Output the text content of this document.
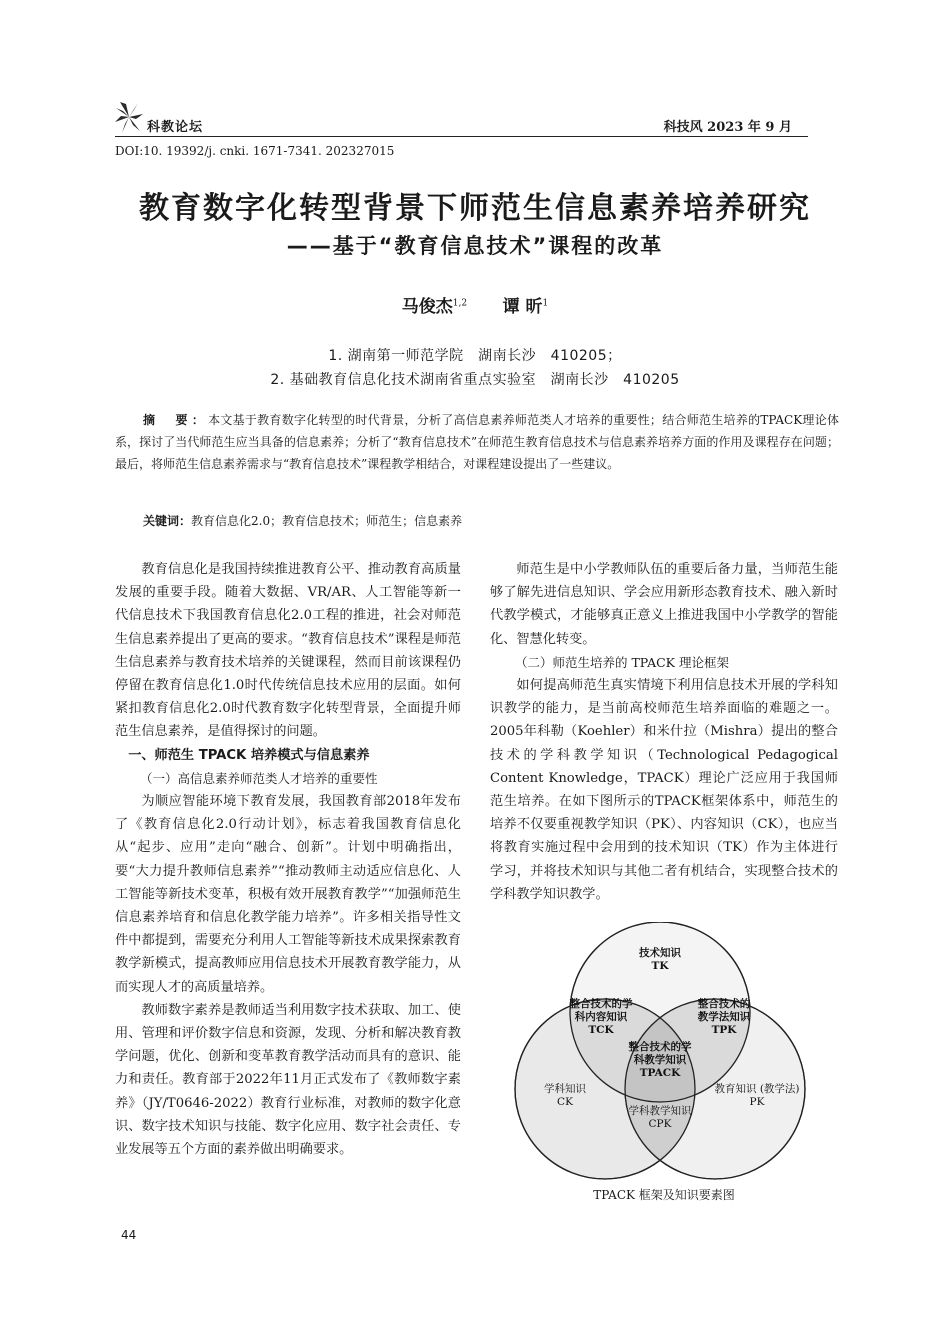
科教论坛	科技风 2023 年 9 月
DOI:10. 19392/j. cnki. 1671-7341. 202327015
教育数字化转型背景下师范生信息素养培养研究
——基于“教育信息技术”课程的改革
马俊杰$^{1,2}$ 谭 昕$^1$
1. 湖南第一师范学院　湖南长沙　410205；
2. 基础教育信息化技术湖南省重点实验室　湖南长沙　410205
摘　要：本文基于教育数字化转型的时代背景，分析了高信息素养师范类人才培养的重要性；结合师范生培养的TPACK理论体系，探讨了当代师范生应当具备的信息素养；分析了“教育信息技术”在师范生教育信息技术与信息素养培养方面的作用及课程存在问题；最后，将师范生信息素养需求与“教育信息技术”课程教学相结合，对课程建设提出了一些建议。
关键词：教育信息化2.0；教育信息技术；师范生；信息素养

教育信息化是我国持续推进教育公平、推动教育高质量发展的重要手段。随着大数据、VR/AR、人工智能等新一代信息技术下我国教育信息化2.0工程的推进，社会对师范生信息素养提出了更高的要求。“教育信息技术”课程是师范生信息素养与教育技术培养的关键课程，然而目前该课程仍停留在教育信息化1.0时代传统信息技术应用的层面。如何紧扣教育信息化2.0时代教育数字化转型背景，全面提升师范生信息素养，是值得探讨的问题。

一、师范生 TPACK 培养模式与信息素养
（一）高信息素养师范类人才培养的重要性

为顺应智能环境下教育发展，我国教育部2018年发布了《教育信息化2.0行动计划》，标志着我国教育信息化从“起步、应用”走向“融合、创新”。计划中明确指出，要“大力提升教师信息素养”“推动教师主动适应信息化、人工智能等新技术变革，积极有效开展教育教学”“加强师范生信息素养培育和信息化教学能力培养”。许多相关指导性文件中都提到，需要充分利用人工智能等新技术成果探索教育教学新模式，提高教师应用信息技术开展教育教学能力，从而实现人才的高质量培养。

教师数字素养是教师适当利用数字技术获取、加工、使用、管理和评价数字信息和资源，发现、分析和解决教育教学问题，优化、创新和变革教育教学活动而具有的意识、能力和责任。教育部于2022年11月正式发布了《教师数字素养》（JY/T0646-2022）教育行业标准，对教师的数字化意识、数字技术知识与技能、数字化应用、数字社会责任、专业发展等五个方面的素养做出明确要求。

师范生是中小学教师队伍的重要后备力量，当师范生能够了解先进信息知识、学会应用新形态教育技术、融入新时代教学模式，才能够真正意义上推进我国中小学教学的智能化、智慧化转变。

（二）师范生培养的 TPACK 理论框架

如何提高师范生真实情境下利用信息技术开展的学科知识教学的能力，是当前高校师范生培养面临的难题之一。2005年科勒（Koehler）和米什拉（Mishra）提出的整合技术的学科教学知识（Technological Pedagogical Content Knowledge，TPACK）理论广泛应用于我国师范生培养。在如下图所示的TPACK框架体系中，师范生的培养不仅要重视教学知识（PK）、内容知识（CK），也应当将教育实施过程中会用到的技术知识（TK）作为主体进行学习，并将技术知识与其他二者有机结合，实现整合技术的学科教学知识教学。

技术知识
TK
整合技术的学
科内容知识
TCK
整合技术的
教学法知识
TPK
整合技术的学
科教学知识
TPACK
学科知识
CK
教育知识 (教学法)
PK
学科教学知识
CPK
TPACK 框架及知识要素图
44
